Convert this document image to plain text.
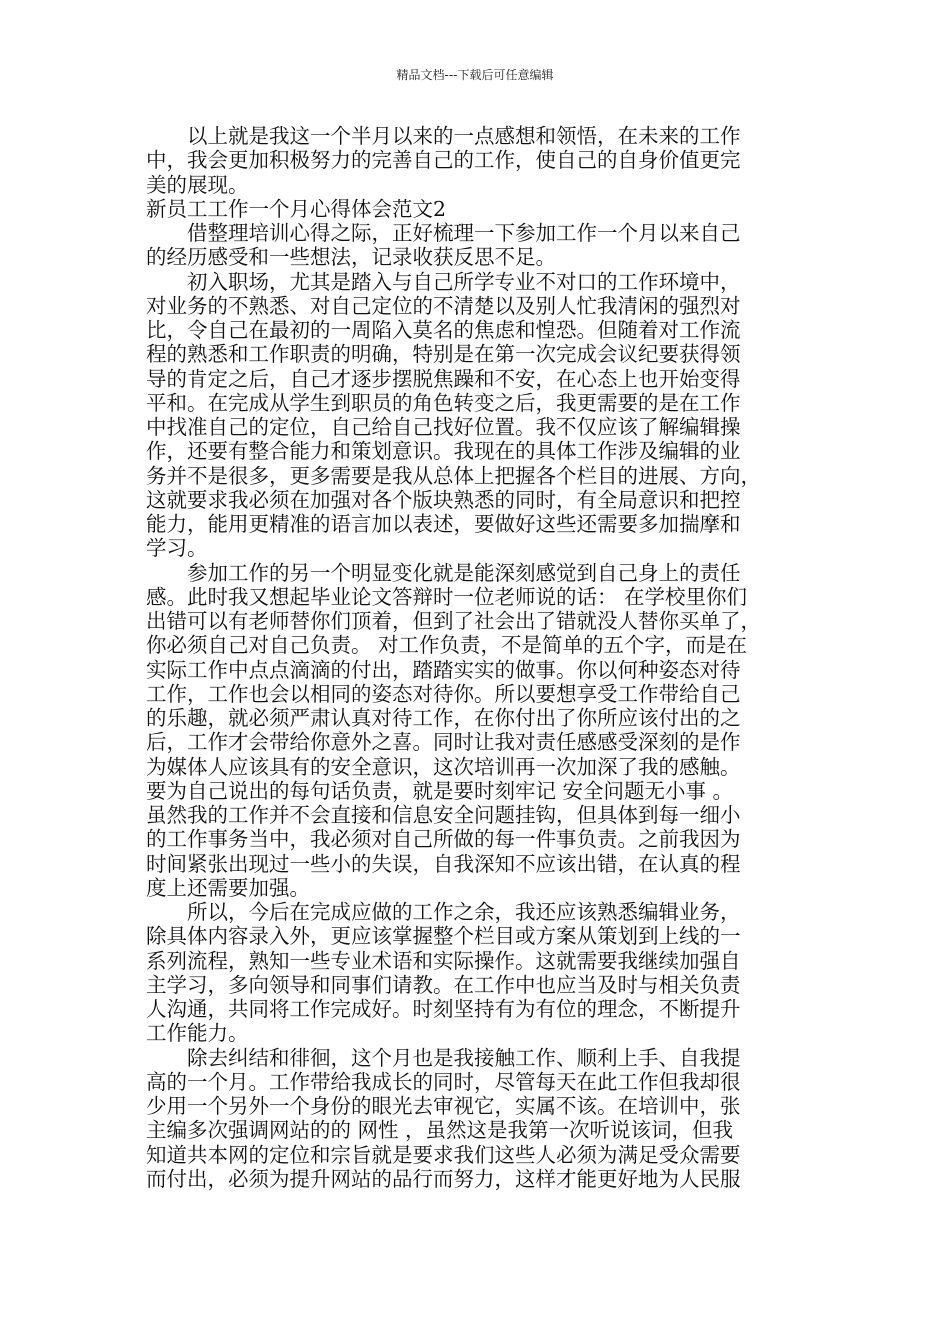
精品文档---下载后可任意编辑

　　以上就是我这一个半月以来的一点感想和领悟，在未来的工作

中，我会更加积极努力的完善自己的工作，使自己的自身价值更完

美的展现。

新员工工作一个月心得体会范文2

　　借整理培训心得之际，正好梳理一下参加工作一个月以来自己

的经历感受和一些想法，记录收获反思不足。

　　初入职场，尤其是踏入与自己所学专业不对口的工作环境中，

对业务的不熟悉、对自己定位的不清楚以及别人忙我清闲的强烈对

比，令自己在最初的一周陷入莫名的焦虑和惶恐。但随着对工作流

程的熟悉和工作职责的明确，特别是在第一次完成会议纪要获得领

导的肯定之后，自己才逐步摆脱焦躁和不安，在心态上也开始变得

平和。在完成从学生到职员的角色转变之后，我更需要的是在工作

中找准自己的定位，自己给自己找好位置。我不仅应该了解编辑操

作，还要有整合能力和策划意识。我现在的具体工作涉及编辑的业

务并不是很多，更多需要是我从总体上把握各个栏目的进展、方向，

这就要求我必须在加强对各个版块熟悉的同时，有全局意识和把控

能力，能用更精准的语言加以表述，要做好这些还需要多加揣摩和

学习。

　　参加工作的另一个明显变化就是能深刻感觉到自己身上的责任

感。此时我又想起毕业论文答辩时一位老师说的话： 在学校里你们

出错可以有老师替你们顶着，但到了社会出了错就没人替你买单了，

你必须自己对自己负责。 对工作负责，不是简单的五个字，而是在

实际工作中点点滴滴的付出，踏踏实实的做事。你以何种姿态对待

工作，工作也会以相同的姿态对待你。所以要想享受工作带给自己

的乐趣，就必须严肃认真对待工作，在你付出了你所应该付出的之

后，工作才会带给你意外之喜。同时让我对责任感感受深刻的是作

为媒体人应该具有的安全意识，这次培训再一次加深了我的感触。

要为自己说出的每句话负责，就是要时刻牢记 安全问题无小事 。

虽然我的工作并不会直接和信息安全问题挂钩，但具体到每一细小

的工作事务当中，我必须对自己所做的每一件事负责。之前我因为

时间紧张出现过一些小的失误，自我深知不应该出错，在认真的程

度上还需要加强。

　　所以，今后在完成应做的工作之余，我还应该熟悉编辑业务，

除具体内容录入外，更应该掌握整个栏目或方案从策划到上线的一

系列流程，熟知一些专业术语和实际操作。这就需要我继续加强自

主学习，多向领导和同事们请教。在工作中也应当及时与相关负责

人沟通，共同将工作完成好。时刻坚持有为有位的理念，不断提升

工作能力。

　　除去纠结和徘徊，这个月也是我接触工作、顺利上手、自我提

高的一个月。工作带给我成长的同时，尽管每天在此工作但我却很

少用一个另外一个身份的眼光去审视它，实属不该。在培训中，张

主编多次强调网站的的 网性 ，虽然这是我第一次听说该词，但我

知道共本网的定位和宗旨就是要求我们这些人必须为满足受众需要

而付出，必须为提升网站的品行而努力，这样才能更好地为人民服
